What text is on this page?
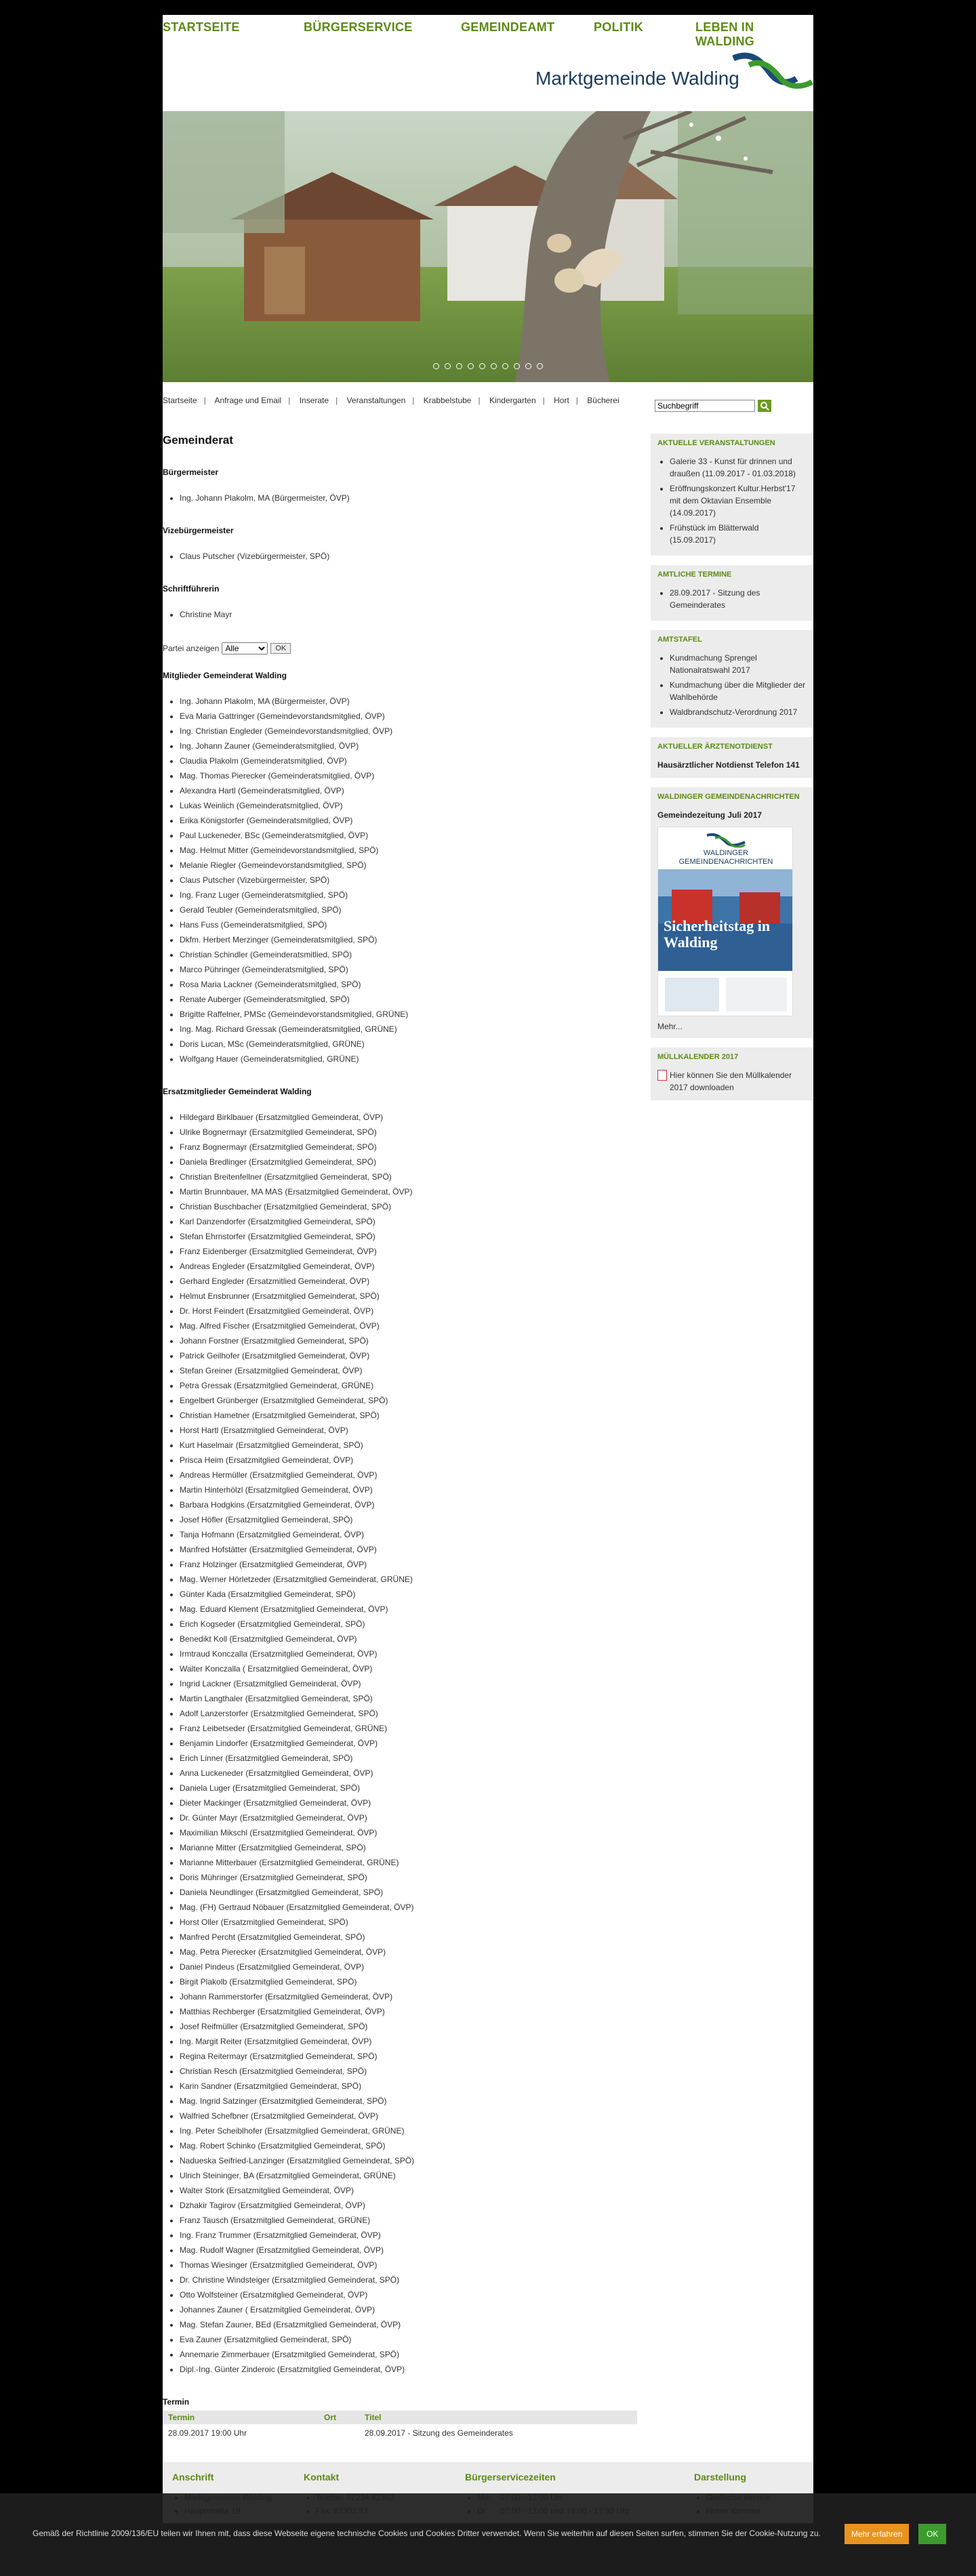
STARTSEITE	BÜRGERSERVICE	GEMEINDEAMT	POLITIK	LEBEN IN WALDING
Marktgemeinde Walding
Startseite | Anfrage und Email | Inserate | Veranstaltungen | Krabbelstube | Kindergarten | Hort | Bücherei
Suchbegriff
Gemeinderat
Bürgermeister
• Ing. Johann Plakolm, MA (Bürgermeister, ÖVP)
Vizebürgermeister
• Claus Putscher (Vizebürgermeister, SPÖ)
Schriftführerin
• Christine Mayr
Partei anzeigen
Alle	OK
Mitglieder Gemeinderat Walding
• Ing. Johann Plakolm, MA (Bürgermeister, ÖVP)
• Eva Maria Gattringer (Gemeindevorstandsmitglied, ÖVP)
• Ing. Christian Engleder (Gemeindevorstandsmitglied, ÖVP)
• Ing. Johann Zauner (Gemeinderatsmitglied, ÖVP)
• Claudia Plakolm (Gemeinderatsmitglied, ÖVP)
• Mag. Thomas Pierecker (Gemeinderatsmitglied, ÖVP)
• Alexandra Hartl (Gemeinderatsmitglied, ÖVP)
• Lukas Weinlich (Gemeinderatsmitglied, ÖVP)
• Erika Königstorfer (Gemeinderatsmitglied, ÖVP)
• Paul Luckeneder, BSc (Gemeinderatsmitglied, ÖVP)
• Mag. Helmut Mitter (Gemeindevorstandsmitglied, SPÖ)
• Melanie Riegler (Gemeindevorstandsmitglied, SPÖ)
• Claus Putscher (Vizebürgermeister, SPÖ)
• Ing. Franz Luger (Gemeinderatsmitglied, SPÖ)
• Gerald Teubler (Gemeinderatsmitglied, SPÖ)
• Hans Fuss (Gemeinderatsmitglied, SPÖ)
• Dkfm. Herbert Merzinger (Gemeinderatsmitglied, SPÖ)
• Christian Schindler (Gemeinderatsmitlied, SPÖ)
• Marco Pühringer (Gemeinderatsmitglied, SPÖ)
• Rosa Maria Lackner (Gemeinderatsmitglied, SPÖ)
• Renate Auberger (Gemeinderatsmitglied, SPÖ)
• Brigitte Raffelner, PMSc (Gemeindevorstandsmitglied, GRÜNE)
• Ing. Mag. Richard Gressak (Gemeinderatsmitglied, GRÜNE)
• Doris Lucan, MSc (Gemeinderatsmitglied, GRÜNE)
• Wolfgang Hauer (Gemeinderatsmitglied, GRÜNE)
Ersatzmitglieder Gemeinderat Walding
• Hildegard Birklbauer (Ersatzmitglied Gemeinderat, ÖVP)
• Ulrike Bognermayr (Ersatzmitglied Gemeinderat, SPÖ)
• Franz Bognermayr (Ersatzmitglied Gemeinderat, SPÖ)
• Daniela Bredlinger (Ersatzmitglied Gemeinderat, SPÖ)
• Christian Breitenfellner (Ersatzmitglied Gemeinderat, SPÖ)
• Martin Brunnbauer, MA MAS (Ersatzmitglied Gemeinderat, ÖVP)
• Christian Buschbacher (Ersatzmitglied Gemeinderat, SPÖ)
• Karl Danzendorfer (Ersatzmitglied Gemeinderat, SPÖ)
• Stefan Ehrnstorfer (Ersatzmitglied Gemeinderat, SPÖ)
• Franz Eidenberger (Ersatzmitglied Gemeinderat, ÖVP)
• Andreas Engleder (Ersatzmitglied Gemeinderat, ÖVP)
• Gerhard Engleder (Ersatzmitlied Gemeinderat, ÖVP)
• Helmut Ensbrunner (Ersatzmitglied Gemeinderat, SPÖ)
• Dr. Horst Feindert (Ersatzmitglied Gemeinderat, ÖVP)
• Mag. Alfred Fischer (Ersatzmitglied Gemeinderat, ÖVP)
• Johann Forstner (Ersatzmitglied Gemeinderat, SPÖ)
• Patrick Geilhofer (Ersatzmitglied Gemeinderat, ÖVP)
• Stefan Greiner (Ersatzmitglied Gemeinderat, ÖVP)
• Petra Gressak (Ersatzmitglied Gemeinderat, GRÜNE)
• Engelbert Grünberger (Ersatzmitglied Gemeinderat, SPÖ)
• Christian Hametner (Ersatzmitglied Gemeinderat, SPÖ)
• Horst Hartl (Ersatzmitglied Gemeinderat, ÖVP)
• Kurt Haselmair (Ersatzmitglied Gemeinderat, SPÖ)
• Prisca Heim (Ersatzmitglied Gemeinderat, ÖVP)
• Andreas Hermüller (Ersatzmitglied Gemeinderat, ÖVP)
• Martin Hinterhölzl (Ersatzmitglied Gemeinderat, ÖVP)
• Barbara Hodgkins (Ersatzmitglied Gemeinderat, ÖVP)
• Josef Höfler (Ersatzmitglied Gemeinderat, SPÖ)
• Tanja Hofmann (Ersatzmitglied Gemeinderat, ÖVP)
• Manfred Hofstätter (Ersatzmitglied Gemeinderat, ÖVP)
• Franz Holzinger (Ersatzmitglied Gemeinderat, ÖVP)
• Mag. Werner Hörletzeder (Ersatzmitglied Gemeinderat, GRÜNE)
• Günter Kada (Ersatzmitglied Gemeinderat, SPÖ)
• Mag. Eduard Klement (Ersatzmitglied Gemeinderat, ÖVP)
• Erich Kogseder (Ersatzmitglied Gemeinderat, SPÖ)
• Benedikt Koll (Ersatzmitglied Gemeinderat, ÖVP)
• Irmtraud Konczalla (Ersatzmitglied Gemeinderat, ÖVP)
• Walter Konczalla ( Ersatzmitglied Gemeinderat, ÖVP)
• Ingrid Lackner (Ersatzmitglied Gemeinderat, ÖVP)
• Martin Langthaler (Ersatzmitglied Gemeinderat, SPÖ)
• Adolf Lanzerstorfer (Ersatzmitglied Gemeinderat, SPÖ)
• Franz Leibetseder (Ersatzmitglied Gemeinderat, GRÜNE)
• Benjamin Lindorfer (Ersatzmitglied Gemeinderat, ÖVP)
• Erich Linner (Ersatzmitglied Gemeinderat, SPÖ)
• Anna Luckeneder (Ersatzmitglied Gemeinderat, ÖVP)
• Daniela Luger (Ersatzmitglied Gemeinderat, SPÖ)
• Dieter Mackinger (Ersatzmitglied Gemeinderat, ÖVP)
• Dr. Günter Mayr (Ersatzmitglied Gemeinderat, ÖVP)
• Maximilian Mikschl (Ersatzmitglied Gemeinderat, ÖVP)
• Marianne Mitter (Ersatzmitglied Gemeinderat, SPÖ)
• Marianne Mitterbauer (Ersatzmitglied Gemeinderat, GRÜNE)
• Doris Mühringer (Ersatzmitglied Gemeinderat, SPÖ)
• Daniela Neundlinger (Ersatzmitglied Gemeinderat, SPÖ)
• Mag. (FH) Gertraud Nöbauer (Ersatzmitglied Gemeinderat, ÖVP)
• Horst Oller (Ersatzmitglied Gemeinderat, SPÖ)
• Manfred Percht (Ersatzmitglied Gemeinderat, SPÖ)
• Mag. Petra Pierecker (Ersatzmitglied Gemeinderat, ÖVP)
• Daniel Pindeus (Ersatzmitglied Gemeinderat, ÖVP)
• Birgit Plakolb (Ersatzmitglied Gemeinderat, SPÖ)
• Johann Rammerstorfer (Ersatzmitglied Gemeinderat, ÖVP)
• Matthias Rechberger (Ersatzmitglied Gemeinderat, ÖVP)
• Josef Reifmüller (Ersatzmitglied Gemeinderat, SPÖ)
• Ing. Margit Reiter (Ersatzmitglied Gemeinderat, ÖVP)
• Regina Reitermayr (Ersatzmitglied Gemeinderat, SPÖ)
• Christian Resch (Ersatzmitglied Gemeinderat, SPÖ)
• Karin Sandner (Ersatzmitglied Gemeinderat, SPÖ)
• Mag. Ingrid Satzinger (Ersatzmitglied Gemeinderat, SPÖ)
• Walfried Schefbner (Ersatzmitglied Gemeinderat, ÖVP)
• Ing. Peter Scheiblhofer (Ersatzmitglied Gemeinderat, GRÜNE)
• Mag. Robert Schinko (Ersatzmitglied Gemeinderat, SPÖ)
• Nadueska Seifried-Lanzinger (Ersatzmitglied Gemeinderat, SPÖ)
• Ulrich Steininger, BA (Ersatzmitglied Gemeinderat, GRÜNE)
• Walter Stork (Ersatzmitglied Gemeinderat, ÖVP)
• Dzhakir Tagirov (Ersatzmitglied Gemeinderat, ÖVP)
• Franz Tausch (Ersatzmitglied Gemeinderat, GRÜNE)
• Ing. Franz Trummer (Ersatzmitglied Gemeinderat, ÖVP)
• Mag. Rudolf Wagner (Ersatzmitglied Gemeinderat, ÖVP)
• Thomas Wiesinger (Ersatzmitglied Gemeinderat, ÖVP)
• Dr. Christine Windsteiger (Ersatzmitglied Gemeinderat, SPÖ)
• Otto Wolfsteiner (Ersatzmitglied Gemeinderat, ÖVP)
• Johannes Zauner ( Ersatzmitglied Gemeinderat, ÖVP)
• Mag. Stefan Zauner, BEd (Ersatzmitglied Gemeinderat, ÖVP)
• Eva Zauner (Ersatzmitglied Gemeinderat, SPÖ)
• Annemarie Zimmerbauer (Ersatzmitglied Gemeinderat, SPÖ)
• Dipl.-Ing. Günter Zinderoic (Ersatzmitglied Gemeinderat, ÖVP)
Termin
Termin	Ort	Titel
28.09.2017 19:00 Uhr		28.09.2017 - Sitzung des Gemeinderates
AKTUELLE VERANSTALTUNGEN
• Galerie 33 - Kunst für drinnen und draußen (11.09.2017 - 01.03.2018)
• Eröffnungskonzert Kultur.Herbst'17 mit dem Oktavian Ensemble (14.09.2017)
• Frühstück im Blätterwald (15.09.2017)
AMTLICHE TERMINE
• 28.09.2017 - Sitzung des Gemeinderates
AMTSTAFEL
• Kundmachung Sprengel Nationalratswahl 2017
• Kundmachung über die Mitglieder der Wahlbehörde
• Waldbrandschutz-Verordnung 2017
AKTUELLER ÄRZTENOTDIENST
Hausärztlicher Notdienst Telefon 141
WALDINGER GEMEINDENACHRICHTEN
Gemeindezeitung Juli 2017
WALDINGER GEMEINDENACHRICHTEN
Sicherheitstag in Walding
Mehr...
MÜLLKALENDER 2017
Hier können Sie den Müllkalender 2017 downloaden
Anschrift
•
•	Kontakt
•
•	Bürgerservicezeiten
•
•	Darstellung
•
•
Gemäß der Richtlinie 2009/136/EU teilen wir Ihnen mit, dass diese Webseite eigene technische Cookies und Cookies Dritter verwendet. Wenn Sie weiterhin auf diesen Seiten surfen, stimmen Sie der Cookie-Nutzung zu.	Mehr erfahren	OK
